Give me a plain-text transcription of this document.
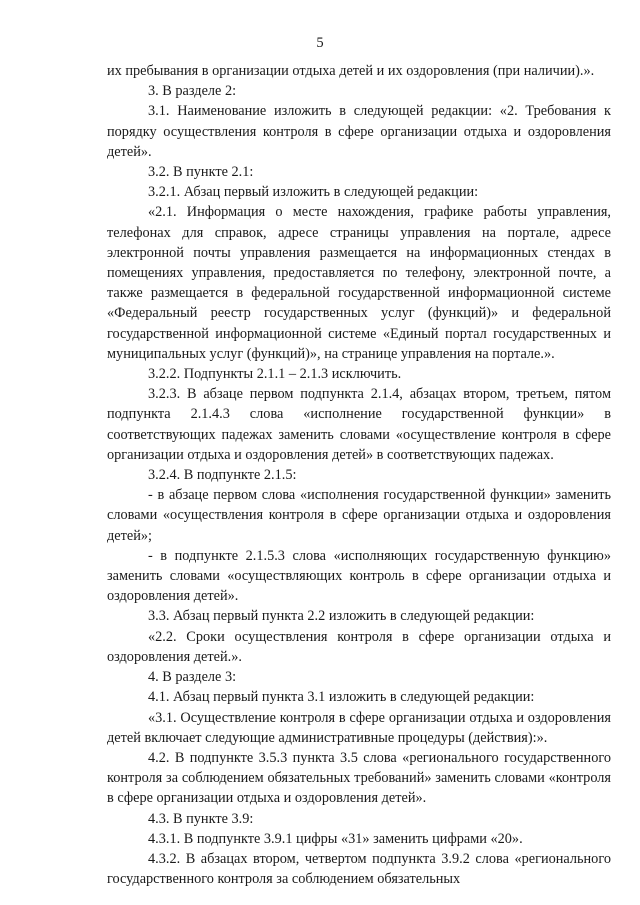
5

их пребывания в организации отдыха детей и их оздоровления (при наличии).».

3. В разделе 2:

3.1. Наименование изложить в следующей редакции: «2. Требования к порядку осуществления контроля в сфере организации отдыха и оздоровления детей».

3.2. В пункте 2.1:

3.2.1. Абзац первый изложить в следующей редакции:

«2.1. Информация о месте нахождения, графике работы управления, телефонах для справок, адресе страницы управления на портале, адресе электронной почты управления размещается на информационных стендах в помещениях управления, предоставляется по телефону, электронной почте, а также размещается в федеральной государственной информационной системе «Федеральный реестр государственных услуг (функций)» и федеральной государственной информационной системе «Единый портал государственных и муниципальных услуг (функций)», на странице управления на портале.».

3.2.2. Подпункты 2.1.1 – 2.1.3 исключить.

3.2.3. В абзаце первом подпункта 2.1.4, абзацах втором, третьем, пятом подпункта 2.1.4.3 слова «исполнение государственной функции» в соответствующих падежах заменить словами «осуществление контроля в сфере организации отдыха и оздоровления детей» в соответствующих падежах.

3.2.4. В подпункте 2.1.5:

- в абзаце первом слова «исполнения государственной функции» заменить словами «осуществления контроля в сфере организации отдыха и оздоровления детей»;

- в подпункте 2.1.5.3 слова «исполняющих государственную функцию» заменить словами «осуществляющих контроль в сфере организации отдыха и оздоровления детей».

3.3. Абзац первый пункта 2.2 изложить в следующей редакции:

«2.2. Сроки осуществления контроля в сфере организации отдыха и оздоровления детей.».

4. В разделе 3:

4.1. Абзац первый пункта 3.1 изложить в следующей редакции:

«3.1. Осуществление контроля в сфере организации отдыха и оздоровления детей включает следующие административные процедуры (действия):».

4.2. В подпункте 3.5.3 пункта 3.5 слова «регионального государственного контроля за соблюдением обязательных требований» заменить словами «контроля в сфере организации отдыха и оздоровления детей».

4.3. В пункте 3.9:

4.3.1. В подпункте 3.9.1 цифры «31» заменить цифрами «20».

4.3.2. В абзацах втором, четвертом подпункта 3.9.2 слова «регионального государственного контроля за соблюдением обязательных
